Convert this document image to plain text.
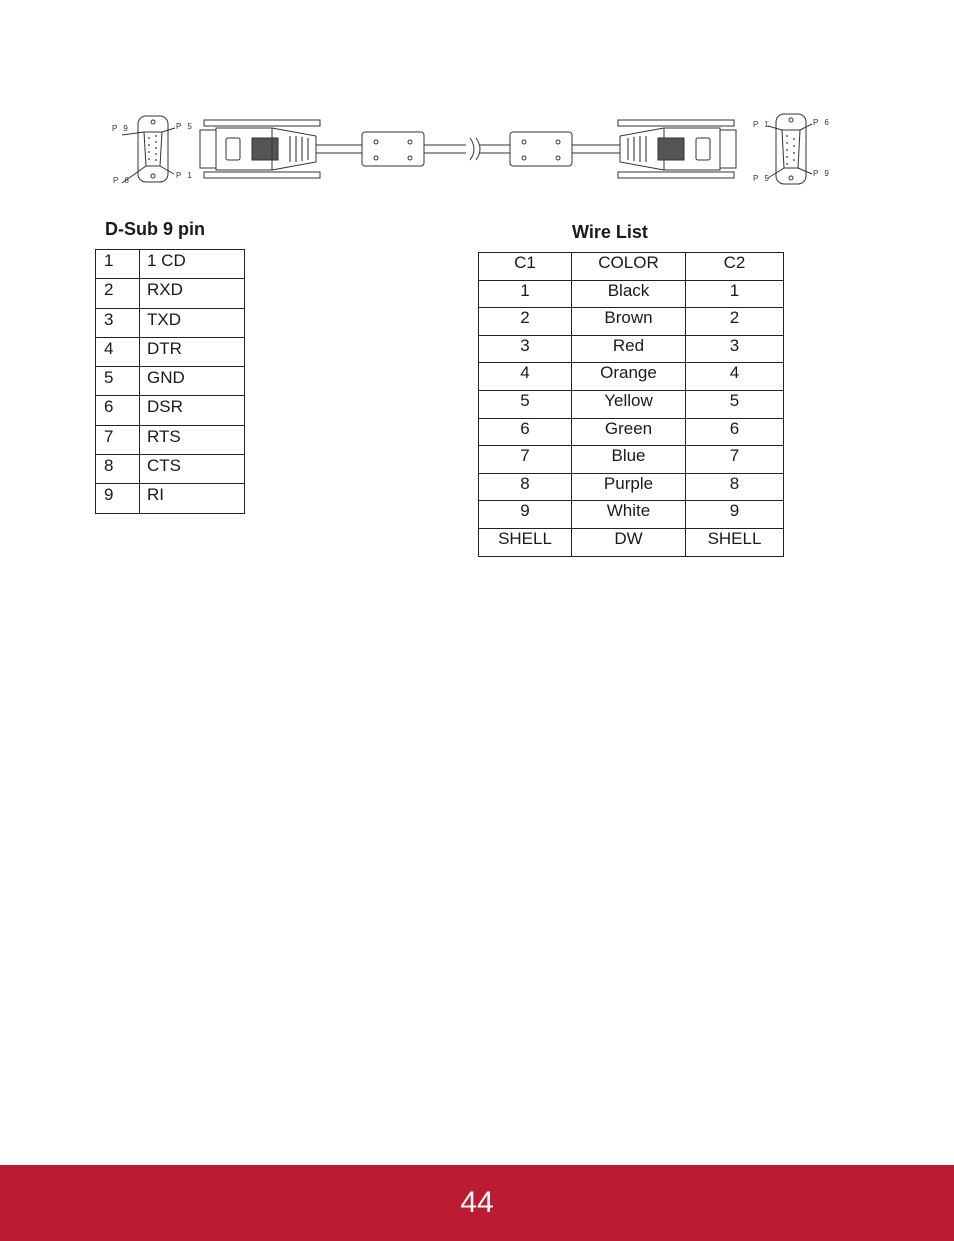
P 9	P 5
P 6
P 1
P 1	P 6
P 5
P 9
D-Sub 9 pin	Wire List
1	1 CD
2	RXD
3	TXD
4	DTR
5	GND
6	DSR
7	RTS
8	CTS
9	RI
C1	COLOR	C2
1	Black	1
2	Brown	2
3	Red	3
4	Orange	4
5	Yellow	5
6	Green	6
7	Blue	7
8	Purple	8
9	White	9
SHELL	DW	SHELL
44
